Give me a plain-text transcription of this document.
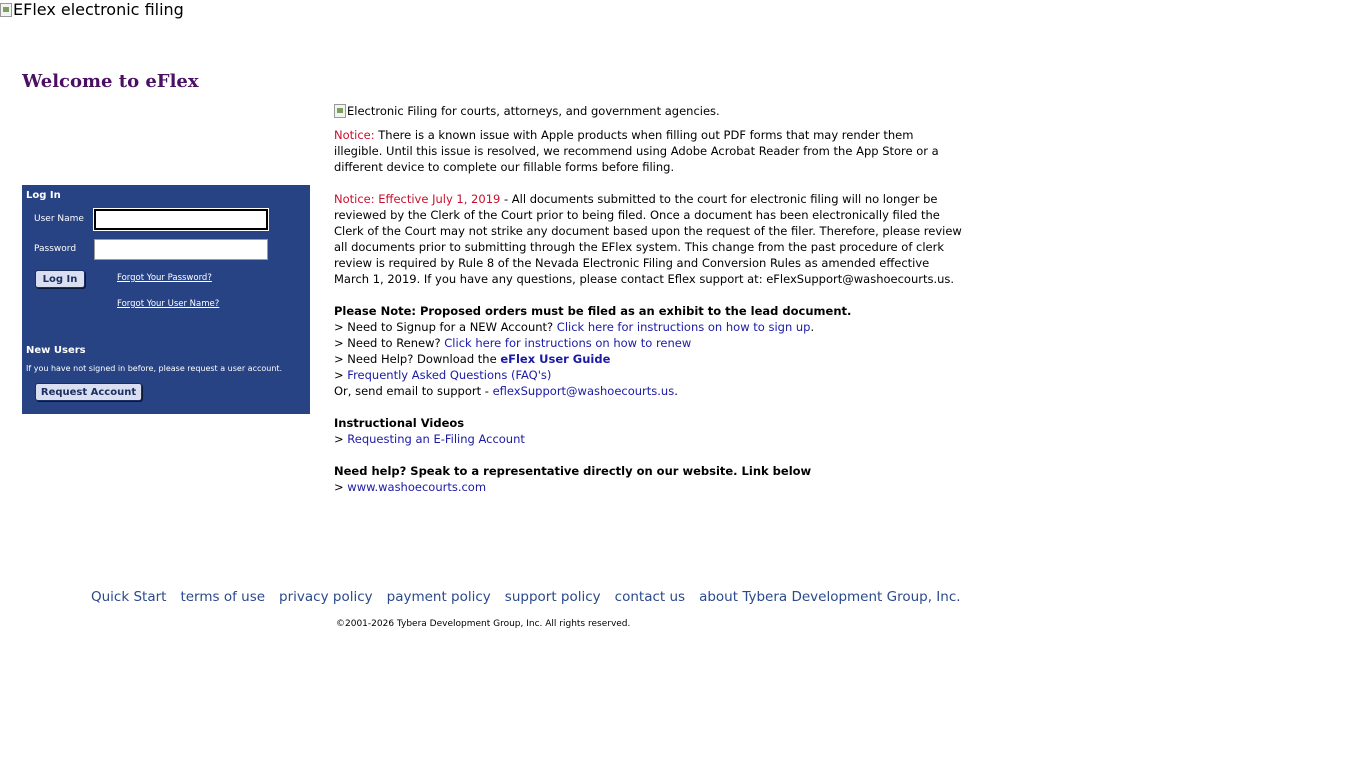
EFlex electronic filing
Welcome to eFlex
Log In
User Name
Password
Log In	Forgot Your Password?
Forgot Your User Name?
New Users
If you have not signed in before, please request a user account.
Request Account
Electronic Filing for courts, attorneys, and government agencies.

Notice: There is a known issue with Apple products when filling out PDF forms that may render them illegible. Until this issue is resolved, we recommend using Adobe Acrobat Reader from the App Store or a different device to complete our fillable forms before filing.

Notice: Effective July 1, 2019 - All documents submitted to the court for electronic filing will no longer be reviewed by the Clerk of the Court prior to being filed. Once a document has been electronically filed the Clerk of the Court may not strike any document based upon the request of the filer. Therefore, please review all documents prior to submitting through the EFlex system. This change from the past procedure of clerk review is required by Rule 8 of the Nevada Electronic Filing and Conversion Rules as amended effective March 1, 2019. If you have any questions, please contact Eflex support at: eFlexSupport@washoecourts.us.

Please Note: Proposed orders must be filed as an exhibit to the lead document.

> Need to Signup for a NEW Account? Click here for instructions on how to sign up.

> Need to Renew? Click here for instructions on how to renew

> Need Help? Download the eFlex User Guide

> Frequently Asked Questions (FAQ's)

Or, send email to support - eflexSupport@washoecourts.us.

Instructional Videos

> Requesting an E-Filing Account

Need help? Speak to a representative directly on our website. Link below

> www.washoecourts.com

Quick Start terms of use privacy policy payment policy support policy contact us about Tybera Development Group, Inc.
©2001-2026 Tybera Development Group, Inc. All rights reserved.
